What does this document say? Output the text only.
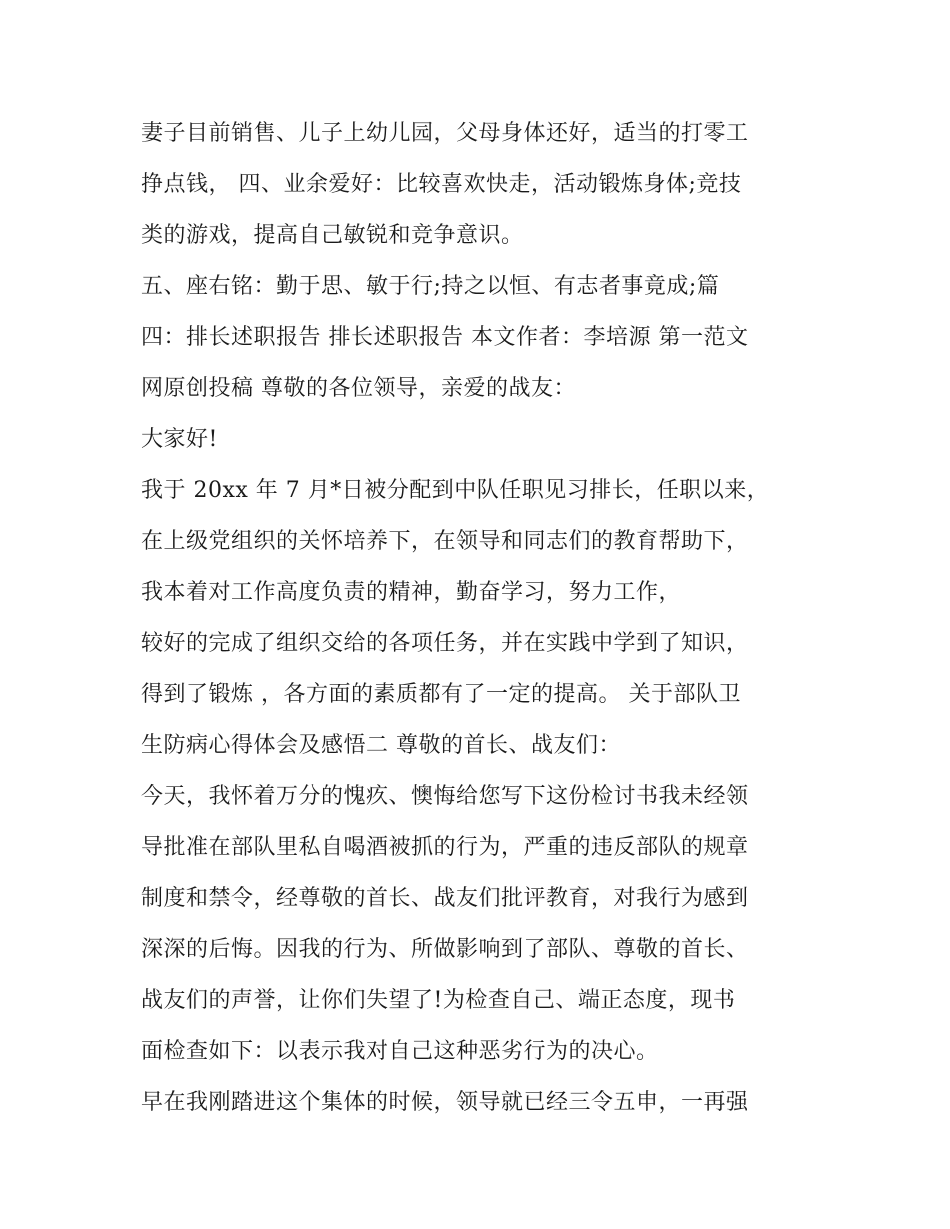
妻子目前销售、儿子上幼儿园，父母身体还好，适当的打零工
挣点钱， 四、业余爱好：比较喜欢快走，活动锻炼身体;竞技
类的游戏，提高自己敏锐和竞争意识。
五、座右铭：勤于思、敏于行;持之以恒、有志者事竟成;篇
四：排长述职报告 排长述职报告 本文作者：李培源 第一范文
网原创投稿 尊敬的各位领导，亲爱的战友：
大家好!
我于 20xx 年 7 月*日被分配到中队任职见习排长，任职以来，
在上级党组织的关怀培养下，在领导和同志们的教育帮助下，
我本着对工作高度负责的精神，勤奋学习，努力工作，
较好的完成了组织交给的各项任务，并在实践中学到了知识，
得到了锻炼 ，各方面的素质都有了一定的提高。 关于部队卫
生防病心得体会及感悟二 尊敬的首长、战友们：
今天，我怀着万分的愧疚、懊悔给您写下这份检讨书我未经领
导批准在部队里私自喝酒被抓的行为，严重的违反部队的规章
制度和禁令，经尊敬的首长、战友们批评教育，对我行为感到
深深的后悔。因我的行为、所做影响到了部队、尊敬的首长、
战友们的声誉，让你们失望了!为检查自己、端正态度，现书
面检查如下：以表示我对自己这种恶劣行为的决心。
早在我刚踏进这个集体的时候，领导就已经三令五申，一再强
